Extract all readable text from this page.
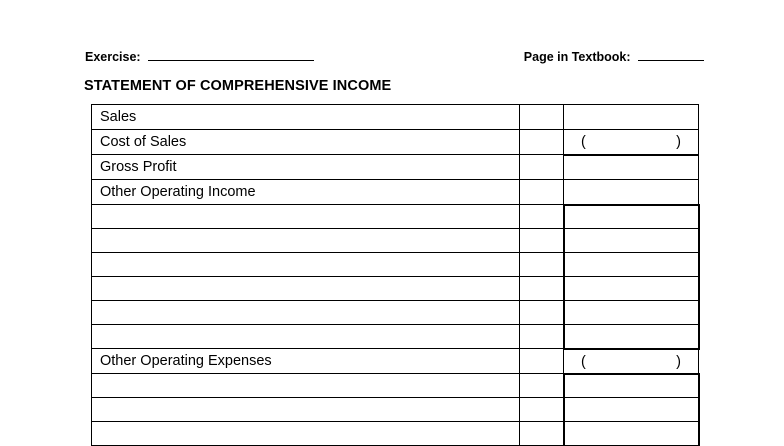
Exercise:	Page in Textbook:
STATEMENT OF COMPREHENSIVE INCOME
Sales		
Cost of Sales		( )

Gross Profit		
Other Operating Income		

Other Operating Expenses		( )
